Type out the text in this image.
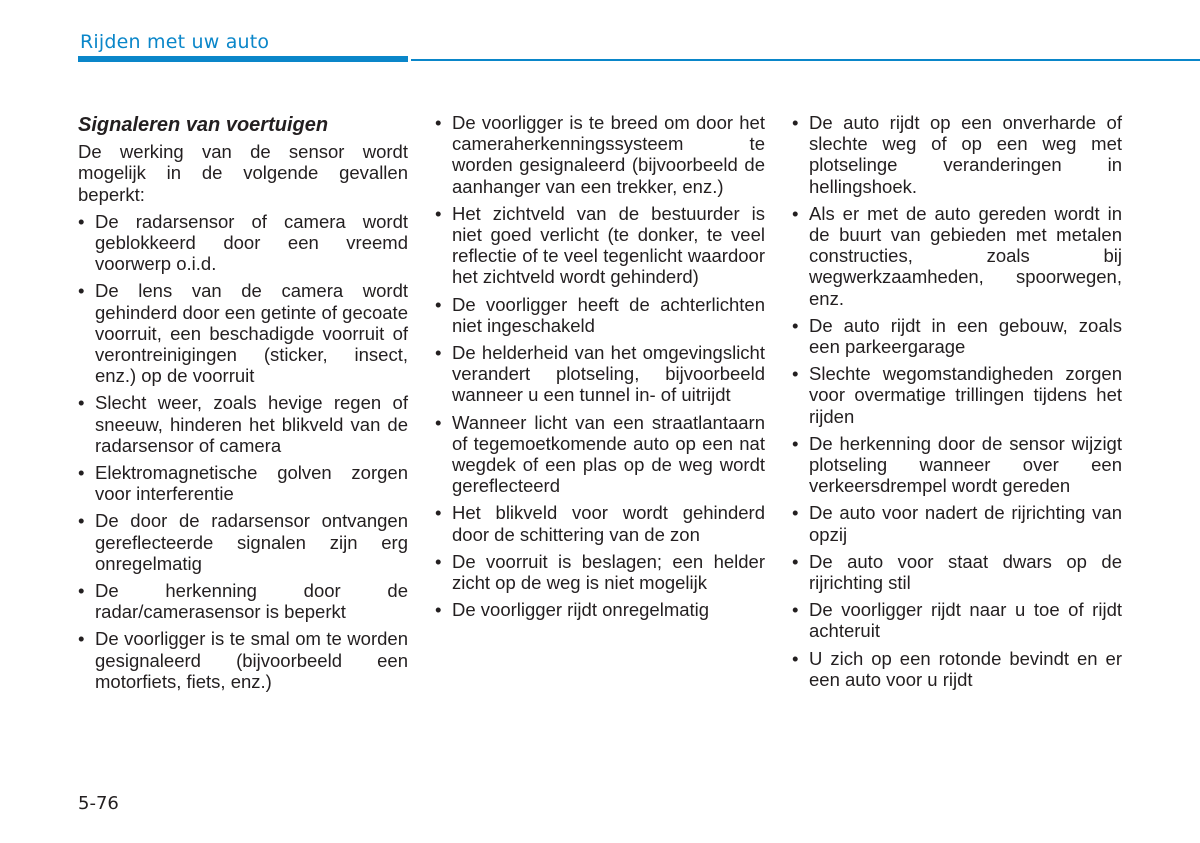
Rijden met uw auto
Signaleren van voertuigen
De werking van de sensor wordt mogelijk in de volgende gevallen beperkt:
• De radarsensor of camera wordt geblokkeerd door een vreemd voorwerp o.i.d.
• De lens van de camera wordt gehinderd door een getinte of gecoate voorruit, een beschadigde voorruit of verontreinigingen (sticker, insect, enz.) op de voorruit
• Slecht weer, zoals hevige regen of sneeuw, hinderen het blikveld van de radarsensor of camera
• Elektromagnetische golven zorgen voor interferentie
• De door de radarsensor ontvangen gereflecteerde signalen zijn erg onregelmatig
• De herkenning door de radar/camerasensor is beperkt
• De voorligger is te smal om te worden gesignaleerd (bijvoorbeeld een motorfiets, fiets, enz.)
• De voorligger is te breed om door het cameraherkenningssysteem te worden gesignaleerd (bijvoorbeeld de aanhanger van een trekker, enz.)
• Het zichtveld van de bestuurder is niet goed verlicht (te donker, te veel reflectie of te veel tegenlicht waardoor het zichtveld wordt gehinderd)
• De voorligger heeft de achterlichten niet ingeschakeld
• De helderheid van het omgevingslicht verandert plotseling, bijvoorbeeld wanneer u een tunnel in- of uitrijdt
• Wanneer licht van een straatlantaarn of tegemoetkomende auto op een nat wegdek of een plas op de weg wordt gereflecteerd
• Het blikveld voor wordt gehinderd door de schittering van de zon
• De voorruit is beslagen; een helder zicht op de weg is niet mogelijk
• De voorligger rijdt onregelmatig
• De auto rijdt op een onverharde of slechte weg of op een weg met plotselinge veranderingen in hellingshoek.
• Als er met de auto gereden wordt in de buurt van gebieden met metalen constructies, zoals bij wegwerkzaamheden, spoorwegen, enz.
• De auto rijdt in een gebouw, zoals een parkeergarage
• Slechte wegomstandigheden zorgen voor overmatige trillingen tijdens het rijden
• De herkenning door de sensor wijzigt plotseling wanneer over een verkeersdrempel wordt gereden
• De auto voor nadert de rijrichting van opzij
• De auto voor staat dwars op de rijrichting stil
• De voorligger rijdt naar u toe of rijdt achteruit
• U zich op een rotonde bevindt en er een auto voor u rijdt
5-76
